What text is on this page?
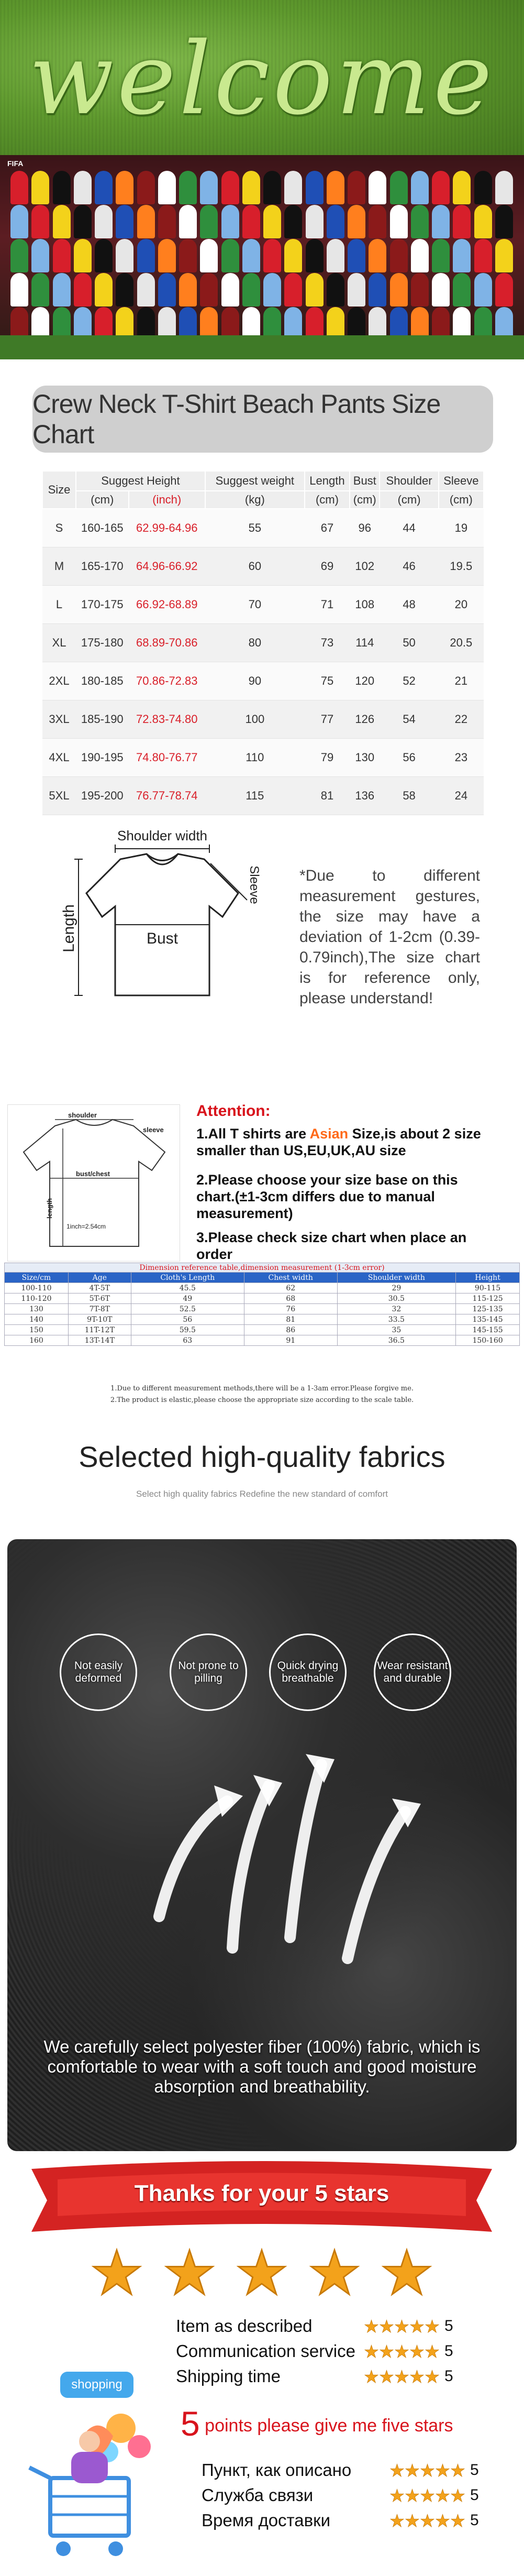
welcome
FIFA
Crew Neck T-Shirt Beach Pants Size Chart
Size	Suggest Height		Suggest weight	Length	Bust	Shoulder	Sleeve
	(cm)	(inch)	(kg)	(cm)	(cm)	(cm)	(cm)
S	160-165	62.99-64.96	55	67	96	44	19
M	165-170	64.96-66.92	60	69	102	46	19.5
L	170-175	66.92-68.89	70	71	108	48	20
XL	175-180	68.89-70.86	80	73	114	50	20.5
2XL	180-185	70.86-72.83	90	75	120	52	21
3XL	185-190	72.83-74.80	100	77	126	54	22
4XL	190-195	74.80-76.77	110	79	130	56	23
5XL	195-200	76.77-78.74	115	81	136	58	24
Shoulder width
Bust
Length
Sleeve *Due to different measurement gestures, the size may have a deviation of 1-2cm (0.39-0.79inch),The size chart is for reference only, please understand!
shoulder
sleeve
bust/chest
length
1inch=2.54cm
Attention:
1.All T shirts are Asian Size,is about 2 size smaller than US,EU,UK,AU size
2.Please choose your size base on this chart.(±1-3cm differs due to manual measurement)
3.Please check size chart when place an order
Dimension reference table,dimension measurement (1-3cm error)					
Size/cm	Age	Cloth's Length	Chest width	Shoulder width	Height
100-110	4T-5T	45.5	62	29	90-115
110-120	5T-6T	49	68	30.5	115-125
130	7T-8T	52.5	76	32	125-135
140	9T-10T	56	81	33.5	135-145
150	11T-12T	59.5	86	35	145-155
160	13T-14T	63	91	36.5	150-160
1.Due to different measurement methods,there will be a 1-3am error.Please forgive me.
2.The product is elastic,please choose the appropriate size according to the scale table.
Selected high-quality fabrics
Select high quality fabrics Redefine the new standard of comfort
Not easily deformed
Not prone to pilling
Quick drying breathable
Wear resistant and durable
We carefully select polyester fiber (100%) fabric, which is comfortable to wear with a soft touch and good moisture absorption and breathability.
Thanks for your 5 stars
Item as described	5
Communication service	5
Shipping time	5
5 points please give me five stars
Пункт, как описано	5
Служба связи	5
Время доставки	5
shopping
